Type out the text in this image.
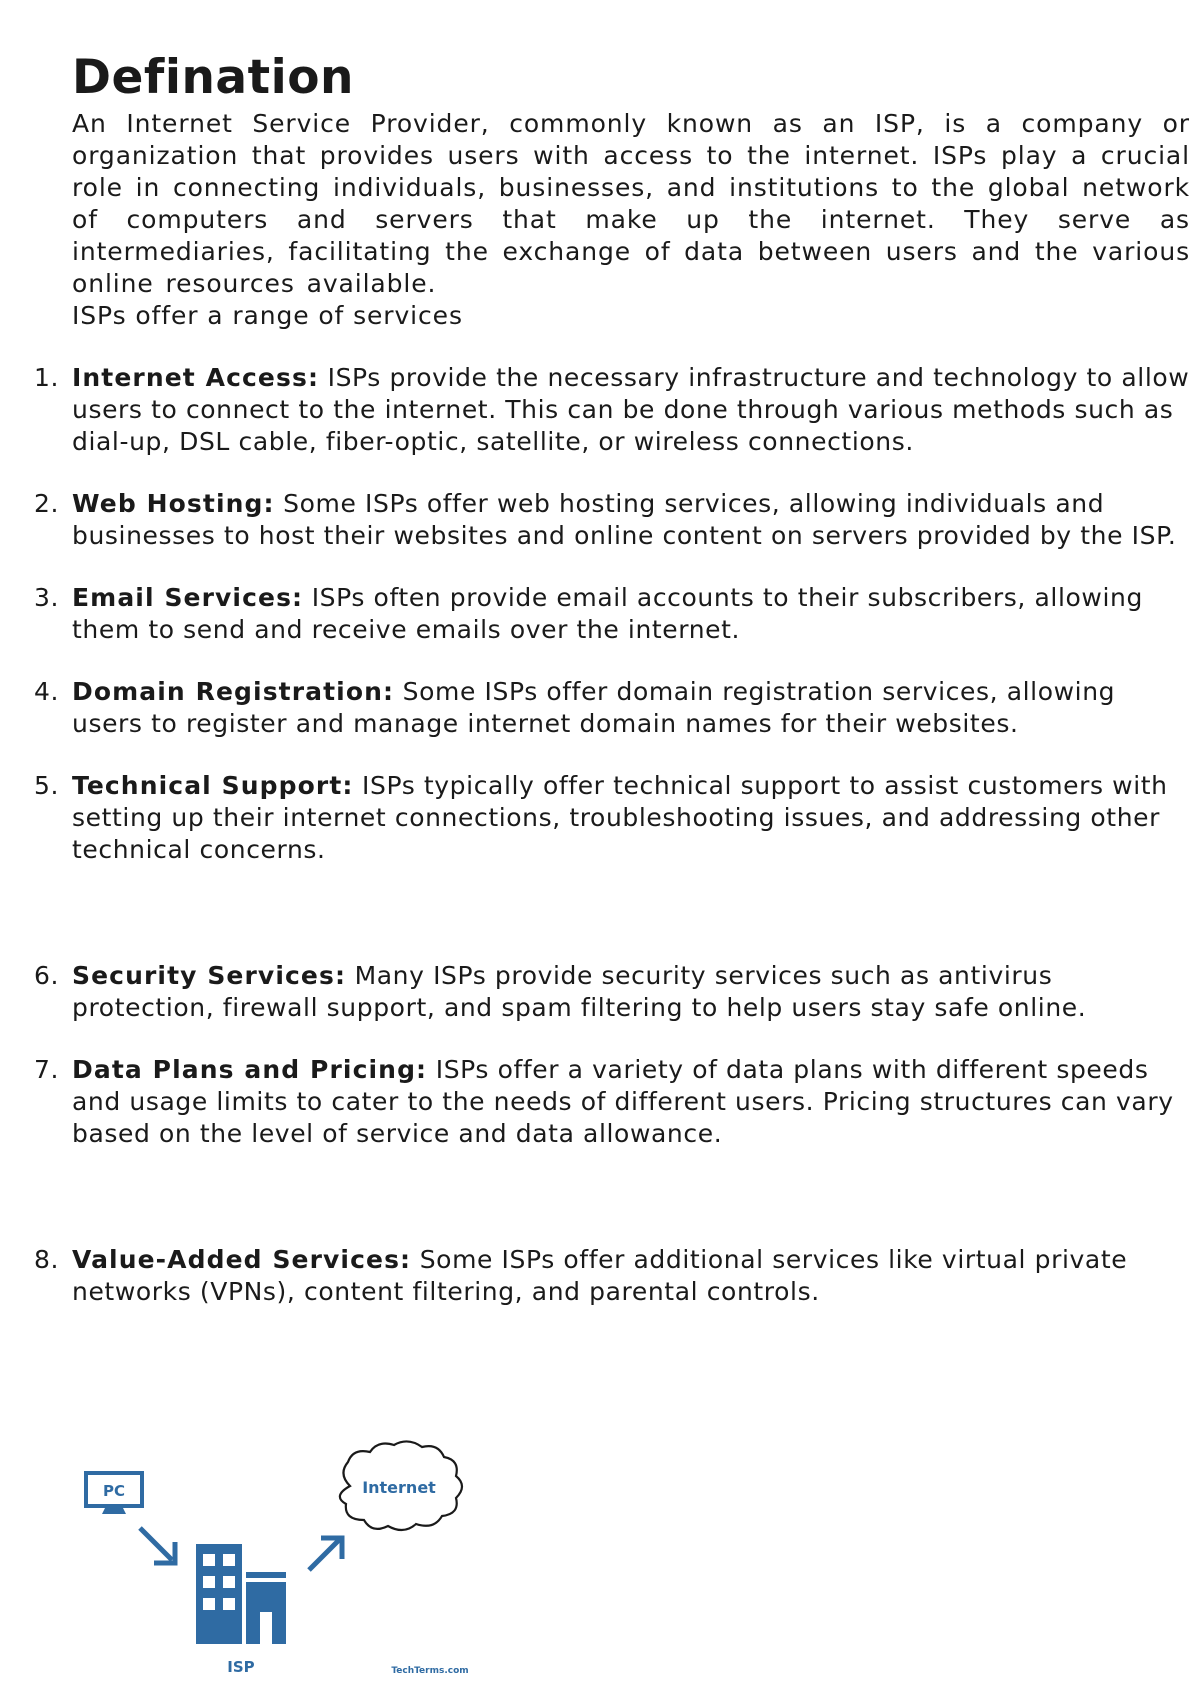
Defination

An Internet Service Provider, commonly known as an ISP, is a company or organization that provides users with access to the internet. ISPs play a crucial role in connecting individuals, businesses, and institutions to the global network of computers and servers that make up the internet. They serve as intermediaries, facilitating the exchange of data between users and the various online resources available.

ISPs offer a range of services

1. Internet Access: ISPs provide the necessary infrastructure and technology to allow users to connect to the internet. This can be done through various methods such as dial-up, DSL cable, fiber-optic, satellite, or wireless connections.
2. Web Hosting: Some ISPs offer web hosting services, allowing individuals and businesses to host their websites and online content on servers provided by the ISP.
3. Email Services: ISPs often provide email accounts to their subscribers, allowing them to send and receive emails over the internet.
4. Domain Registration: Some ISPs offer domain registration services, allowing users to register and manage internet domain names for their websites.
5. Technical Support: ISPs typically offer technical support to assist customers with setting up their internet connections, troubleshooting issues, and addressing other technical concerns.
6. Security Services: Many ISPs provide security services such as antivirus protection, firewall support, and spam filtering to help users stay safe online.
7. Data Plans and Pricing: ISPs offer a variety of data plans with different speeds and usage limits to cater to the needs of different users. Pricing structures can vary based on the level of service and data allowance.
8. Value-Added Services: Some ISPs offer additional services like virtual private networks (VPNs), content filtering, and parental controls.
PC
ISP
Internet
TechTerms.com
